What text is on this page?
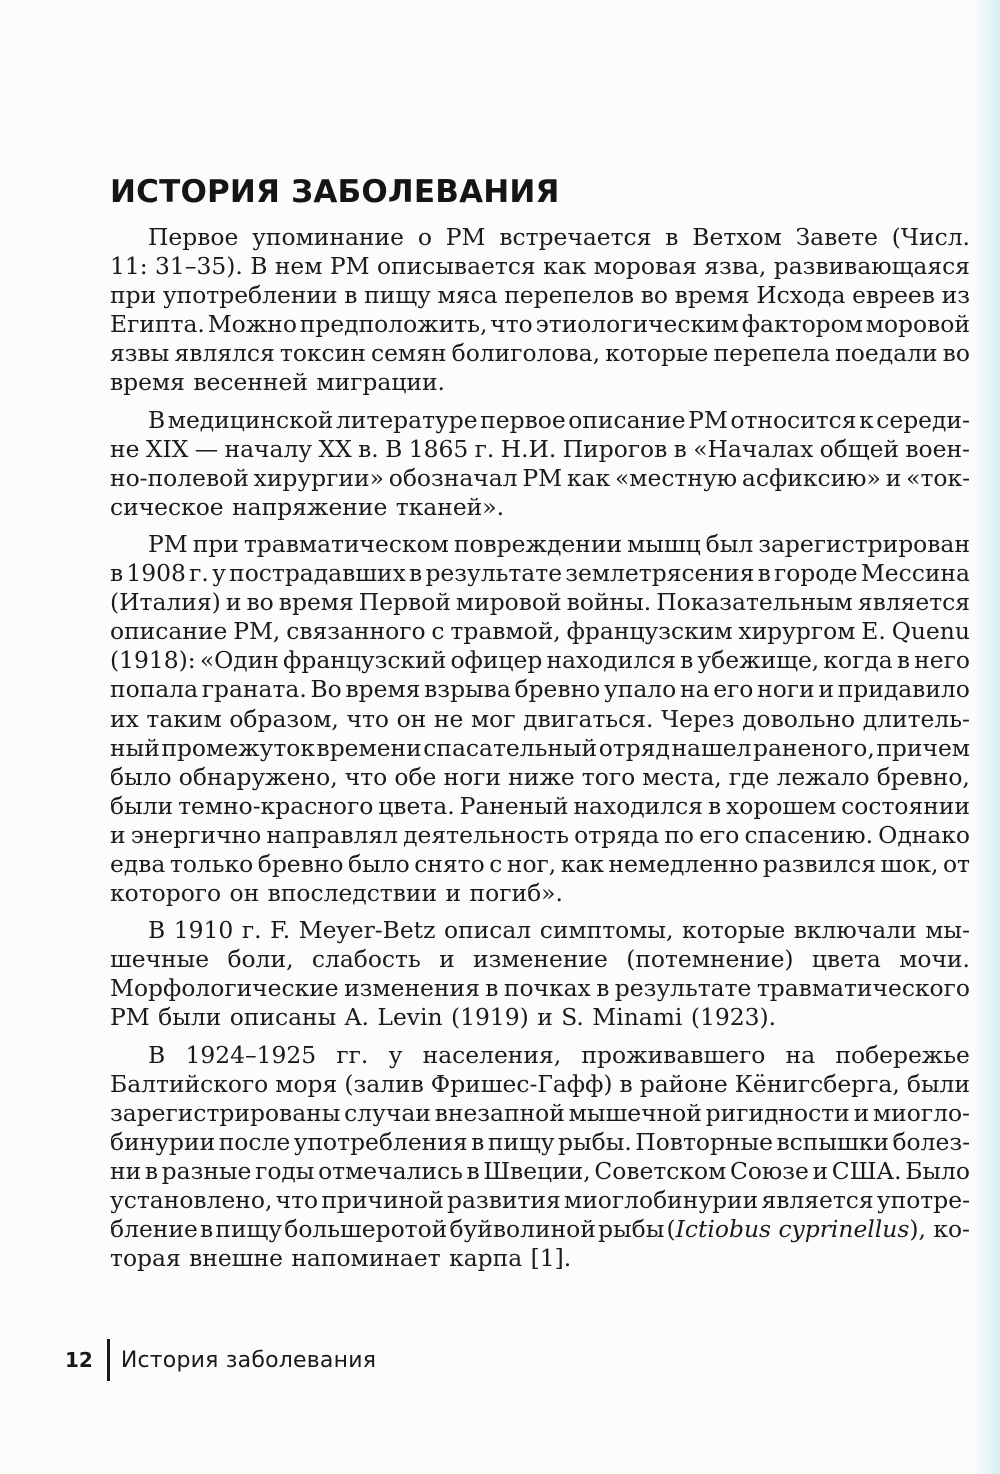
ИСТОРИЯ ЗАБОЛЕВАНИЯ
Первое упоминание о РМ встречается в Ветхом Завете (Числ.
11: 31–35). В нем РМ описывается как моровая язва, развивающаяся
при употреблении в пищу мяса перепелов во время Исхода евреев из
Египта. Можно предположить, что этиологическим фактором моровой
язвы являлся токсин семян болиголова, которые перепела поедали во
время весенней миграции.
В медицинской литературе первое описание РМ относится к середи-
не XIX — началу XX в. В 1865 г. Н.И. Пирогов в «Началах общей воен-
но-полевой хирургии» обозначал РМ как «местную асфиксию» и «ток-
сическое напряжение тканей».
РМ при травматическом повреждении мышц был зарегистрирован
в 1908 г. у пострадавших в результате землетрясения в городе Мессина
(Италия) и во время Первой мировой войны. Показательным является
описание РМ, связанного с травмой, французским хирургом E. Quenu
(1918): «Один французский офицер находился в убежище, когда в него
попала граната. Во время взрыва бревно упало на его ноги и придавило
их таким образом, что он не мог двигаться. Через довольно длитель-
ный промежуток времени спасательный отряд нашел раненого, причем
было обнаружено, что обе ноги ниже того места, где лежало бревно,
были темно-красного цвета. Раненый находился в хорошем состоянии
и энергично направлял деятельность отряда по его спасению. Однако
едва только бревно было снято с ног, как немедленно развился шок, от
которого он впоследствии и погиб».
В 1910 г. F. Meyer-Betz описал симптомы, которые включали мы-
шечные боли, слабость и изменение (потемнение) цвета мочи.
Морфологические изменения в почках в результате травматического
РМ были описаны A. Levin (1919) и S. Minami (1923).
В 1924–1925 гг. у населения, проживавшего на побережье
Балтийского моря (залив Фришес-Гафф) в районе Кёнигсберга, были
зарегистрированы случаи внезапной мышечной ригидности и миогло-
бинурии после употребления в пищу рыбы. Повторные вспышки болез-
ни в разные годы отмечались в Швеции, Советском Союзе и США. Было
установлено, что причиной развития миоглобинурии является употре-
бление в пищу большеротой буйволиной рыбы (Ictiobus cyprinellus), ко-
торая внешне напоминает карпа [1].
12 История заболевания
